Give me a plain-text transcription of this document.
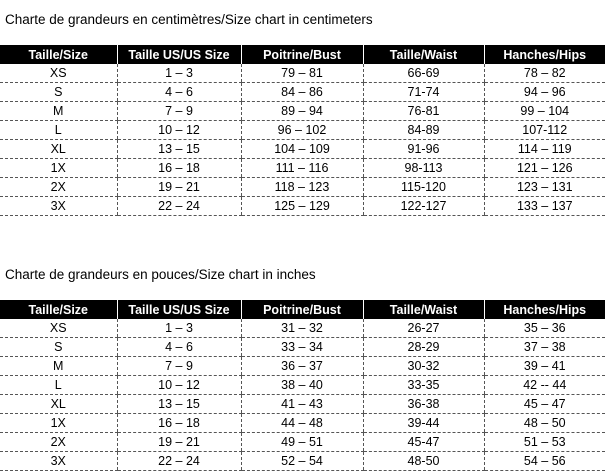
Charte de grandeurs en centimètres/Size chart in centimeters
Taille/Size	Taille US/US Size	Poitrine/Bust	Taille/Waist	Hanches/Hips
XS	1 – 3	79 – 81	66-69	78 – 82
S	4 – 6	84 – 86	71-74	94 – 96
M	7 – 9	89 – 94	76-81	99 – 104
L	10 – 12	96 – 102	84-89	107-112
XL	13 – 15	104 – 109	91-96	114 – 119
1X	16 – 18	111 – 116	98-113	121 – 126
2X	19 – 21	118 – 123	115-120	123 – 131
3X	22 – 24	125 – 129	122-127	133 – 137
Charte de grandeurs en pouces/Size chart in inches
Taille/Size	Taille US/US Size	Poitrine/Bust	Taille/Waist	Hanches/Hips
XS	1 – 3	31 – 32	26-27	35 – 36
S	4 – 6	33 – 34	28-29	37 – 38
M	7 – 9	36 – 37	30-32	39 – 41
L	10 – 12	38 – 40	33-35	42 -- 44
XL	13 – 15	41 – 43	36-38	45 – 47
1X	16 – 18	44 – 48	39-44	48 – 50
2X	19 – 21	49 – 51	45-47	51 – 53
3X	22 – 24	52 – 54	48-50	54 – 56
